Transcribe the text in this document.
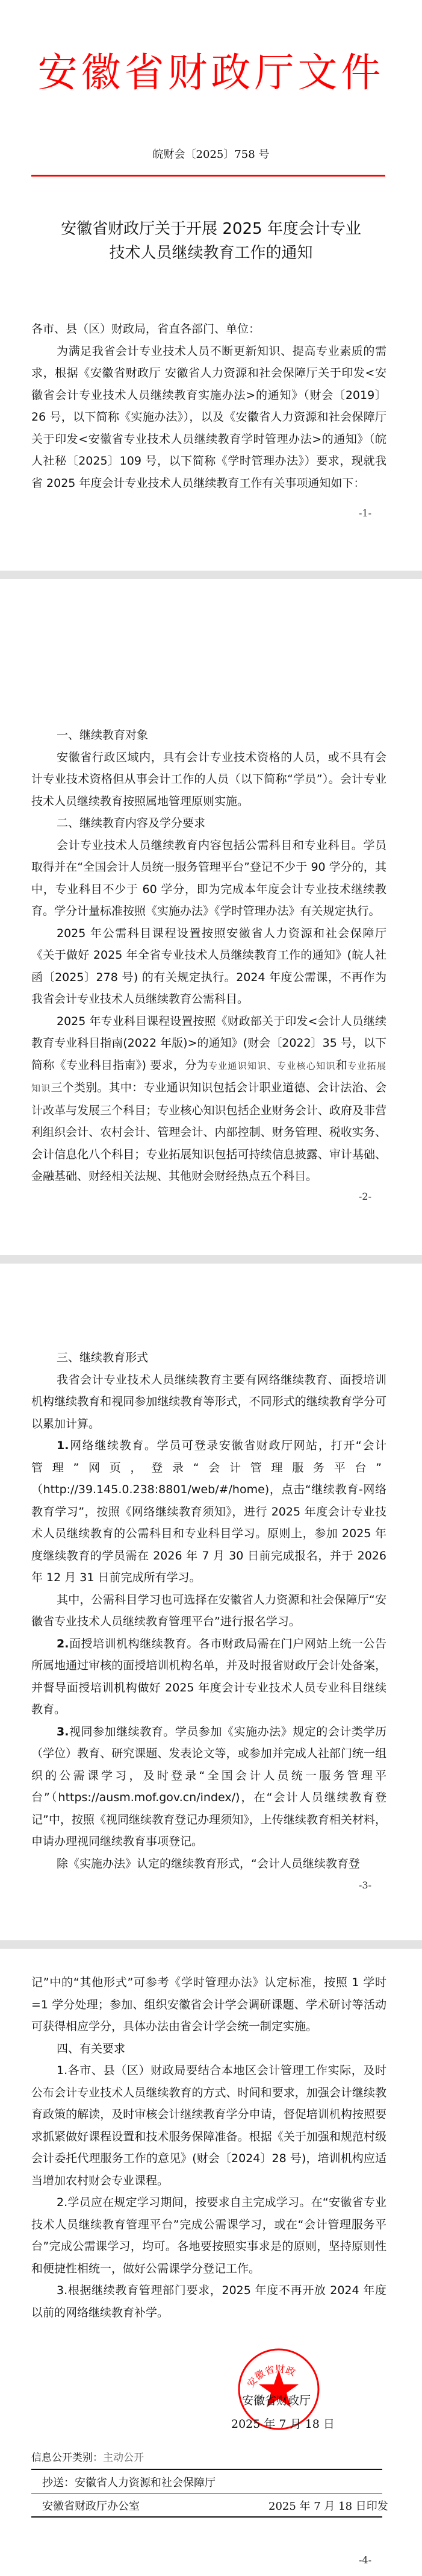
安徽省财政厅文件
皖财会〔2025〕758 号
安徽省财政厅关于开展 2025 年度会计专业
技术人员继续教育工作的通知

各市、县（区）财政局，省直各部门、单位：

为满足我省会计专业技术人员不断更新知识、提高专业素质的需求，根据《安徽省财政厅 安徽省人力资源和社会保障厅关于印发<安徽省会计专业技术人员继续教育实施办法>的通知》（财会〔2019〕26 号，以下简称《实施办法》），以及《安徽省人力资源和社会保障厅关于印发<安徽省专业技术人员继续教育学时管理办法>的通知》（皖人社秘〔2025〕109 号，以下简称《学时管理办法》）要求，现就我省 2025 年度会计专业技术人员继续教育工作有关事项通知如下：

-1-

一、继续教育对象

安徽省行政区域内，具有会计专业技术资格的人员，或不具有会计专业技术资格但从事会计工作的人员（以下简称“学员”）。会计专业技术人员继续教育按照属地管理原则实施。

二、继续教育内容及学分要求

会计专业技术人员继续教育内容包括公需科目和专业科目。学员取得并在“全国会计人员统一服务管理平台”登记不少于 90 学分的，其中，专业科目不少于 60 学分，即为完成本年度会计专业技术继续教育。学分计量标准按照《实施办法》《学时管理办法》有关规定执行。

2025 年公需科目课程设置按照安徽省人力资源和社会保障厅《关于做好 2025 年全省专业技术人员继续教育工作的通知》(皖人社函〔2025〕278 号) 的有关规定执行。2024 年度公需课，不再作为我省会计专业技术人员继续教育公需科目。

2025 年专业科目课程设置按照《财政部关于印发<会计人员继续教育专业科目指南(2022 年版)>的通知》(财会〔2022〕35 号，以下简称《专业科目指南》) 要求，分为专业通识知识、专业核心知识和专业拓展知识三个类别。其中：专业通识知识包括会计职业道德、会计法治、会计改革与发展三个科目；专业核心知识包括企业财务会计、政府及非营利组织会计、农村会计、管理会计、内部控制、财务管理、税收实务、会计信息化八个科目；专业拓展知识包括可持续信息披露、审计基础、金融基础、财经相关法规、其他财会财经热点五个科目。

-2-

三、继续教育形式

我省会计专业技术人员继续教育主要有网络继续教育、面授培训机构继续教育和视同参加继续教育等形式，不同形式的继续教育学分可以累加计算。

1.网络继续教育。学员可登录安徽省财政厅网站，打开“会计

管理”网页，登录“会计管理服务平台”

（http://39.145.0.238:8801/web/#/home)，点击“继续教育-网络教育学习”，按照《网络继续教育须知》，进行 2025 年度会计专业技术人员继续教育的公需科目和专业科目学习。原则上，参加 2025 年度继续教育的学员需在 2026 年 7 月 30 日前完成报名，并于 2026 年 12 月 31 日前完成所有学习。

其中，公需科目学习也可选择在安徽省人力资源和社会保障厅“安徽省专业技术人员继续教育管理平台”进行报名学习。

2.面授培训机构继续教育。各市财政局需在门户网站上统一公告所属地通过审核的面授培训机构名单，并及时报省财政厅会计处备案，并督导面授培训机构做好 2025 年度会计专业技术人员专业科目继续教育。

3.视同参加继续教育。学员参加《实施办法》规定的会计类学历（学位）教育、研究课题、发表论文等，或参加并完成人社部门统一组织的公需课学习，及时登录“全国会计人员统一服务管理平台”（https://ausm.mof.gov.cn/index/)，在“会计人员继续教育登记”中，按照《视同继续教育登记办理须知》，上传继续教育相关材料，申请办理视同继续教育事项登记。

除《实施办法》认定的继续教育形式，“会计人员继续教育登

-3-

记”中的“其他形式”可参考《学时管理办法》认定标准，按照 1 学时=1 学分处理；参加、组织安徽省会计学会调研课题、学术研讨等活动可获得相应学分，具体办法由省会计学会统一制定实施。

四、有关要求

1.各市、县（区）财政局要结合本地区会计管理工作实际，及时公布会计专业技术人员继续教育的方式、时间和要求，加强会计继续教育政策的解读，及时审核会计继续教育学分申请，督促培训机构按照要求抓紧做好课程设置和技术服务保障准备。根据《关于加强和规范村级会计委托代理服务工作的意见》(财会〔2024〕28 号)，培训机构应适当增加农村财会专业课程。

2.学员应在规定学习期间，按要求自主完成学习。在“安徽省专业技术人员继续教育管理平台”完成公需课学习，或在“会计管理服务平台”完成公需课学习，均可。各地要按照实事求是的原则，坚持原则性和便捷性相统一，做好公需课学分登记工作。

3.根据继续教育管理部门要求，2025 年度不再开放 2024 年度以前的网络继续教育补学。

安徽省财政
安徽省财政厅
2025 年 7 月 18 日
信息公开类别：主动公开
抄送：安徽省人力资源和社会保障厅
安徽省财政厅办公室	2025 年 7 月 18 日印发
-4-
